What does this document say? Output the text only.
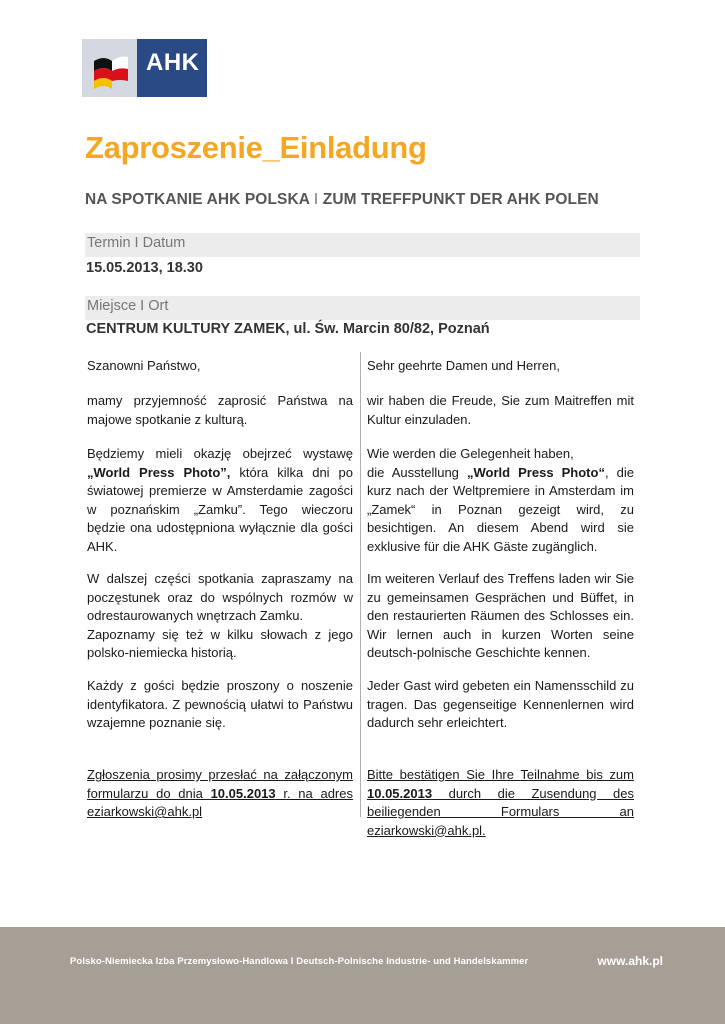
AHK
Zaproszenie_Einladung
NA SPOTKANIE AHK POLSKA I ZUM TREFFPUNKT DER AHK POLEN
Termin I Datum
15.05.2013, 18.30
Miejsce I Ort
CENTRUM KULTURY ZAMEK, ul. Św. Marcin 80/82, Poznań

Szanowni Państwo,

mamy przyjemność zaprosić Państwa na majowe spotkanie z kulturą.

Będziemy mieli okazję obejrzeć wystawę „World Press Photo”, która kilka dni po światowej premierze w Amsterdamie zagości w poznańskim „Zamku”. Tego wieczoru będzie ona udostępniona wyłącznie dla gości AHK.

W dalszej części spotkania zapraszamy na poczęstunek oraz do wspólnych rozmów w odrestaurowanych wnętrzach Zamku.
Zapoznamy się też w kilku słowach z jego polsko-niemiecka historią.

Każdy z gości będzie proszony o noszenie identyfikatora. Z pewnością ułatwi to Państwu wzajemne poznanie się.

Zgłoszenia prosimy przesłać na załączonym formularzu do dnia 10.05.2013 r. na adres eziarkowski@ahk.pl

Sehr geehrte Damen und Herren,

wir haben die Freude, Sie zum Maitreffen mit Kultur einzuladen.

Wie werden die Gelegenheit haben,
die Ausstellung „World Press Photo“, die kurz nach der Weltpremiere in Amsterdam im „Zamek“ in Poznan gezeigt wird, zu besichtigen. An diesem Abend wird sie exklusive für die AHK Gäste zugänglich.

Im weiteren Verlauf des Treffens laden wir Sie zu gemeinsamen Gesprächen und Büffet, in den restaurierten Räumen des Schlosses ein. Wir lernen auch in kurzen Worten seine deutsch-polnische Geschichte kennen.

Jeder Gast wird gebeten ein Namensschild zu tragen. Das gegenseitige Kennenlernen wird dadurch sehr erleichtert.

Bitte bestätigen Sie Ihre Teilnahme bis zum 10.05.2013 durch die Zusendung des beiliegenden Formulars an eziarkowski@ahk.pl.

Polsko-Niemiecka Izba Przemysłowo-Handlowa I Deutsch-Polnische Industrie- und Handelskammer	www.ahk.pl
